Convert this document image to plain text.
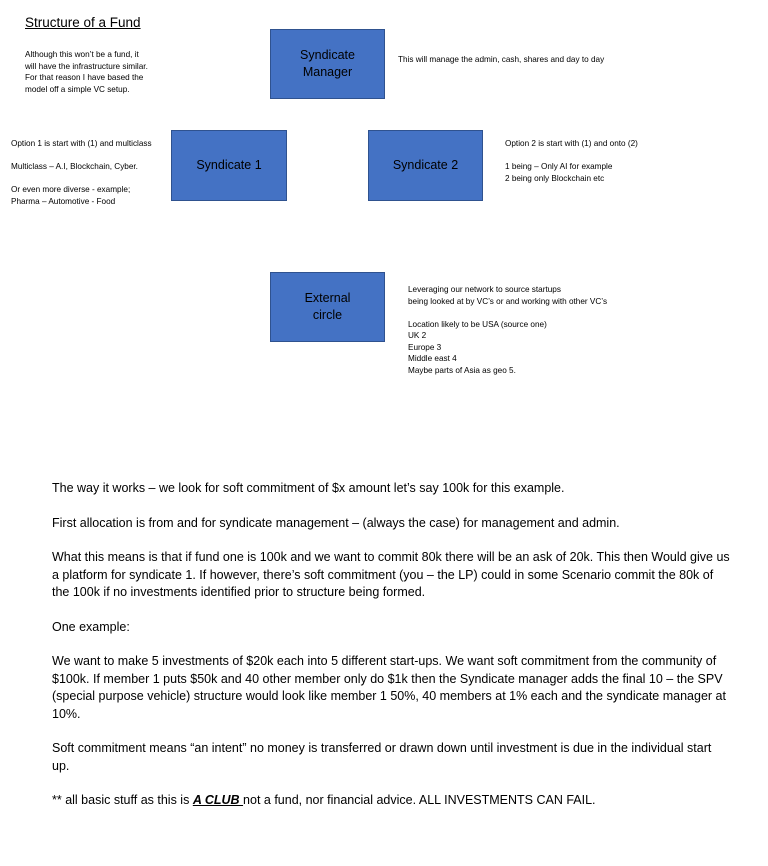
Structure of a Fund
Although this won’t be a fund, it
will have the infrastructure similar.
For that reason I have based the
model off a simple VC setup.
Syndicate
Manager
This will manage the admin, cash, shares and day to day
Option 1 is start with (1) and multiclass
Multiclass – A.I, Blockchain, Cyber.
Or even more diverse - example;
Pharma – Automotive - Food
Syndicate 1	Syndicate 2
Option 2 is start with (1) and onto (2)
1 being – Only AI for example
2 being only Blockchain etc
External
circle
Leveraging our network to source startups
being looked at by VC’s or and working with other VC’s
Location likely to be USA (source one)
UK 2
Europe 3
Middle east 4
Maybe parts of Asia as geo 5.
The way it works – we look for soft commitment of $x amount let’s say 100k for this example.
First allocation is from and for syndicate management – (always the case) for management and admin.
What this means is that if fund one is 100k and we want to commit 80k there will be an ask of 20k. This then Would give us a platform for syndicate 1. If however, there’s soft commitment (you – the LP) could in some Scenario commit the 80k of the 100k if no investments identified prior to structure being formed.
One example:
We want to make 5 investments of $20k each into 5 different start-ups. We want soft commitment from the community of $100k. If member 1 puts $50k and 40 other member only do $1k then the Syndicate manager adds the final 10 – the SPV (special purpose vehicle) structure would look like member 1 50%, 40 members at 1% each and the syndicate manager at 10%.
Soft commitment means “an intent” no money is transferred or drawn down until investment is due in the individual start up.
** all basic stuff as this is A CLUB not a fund, nor financial advice. ALL INVESTMENTS CAN FAIL.
